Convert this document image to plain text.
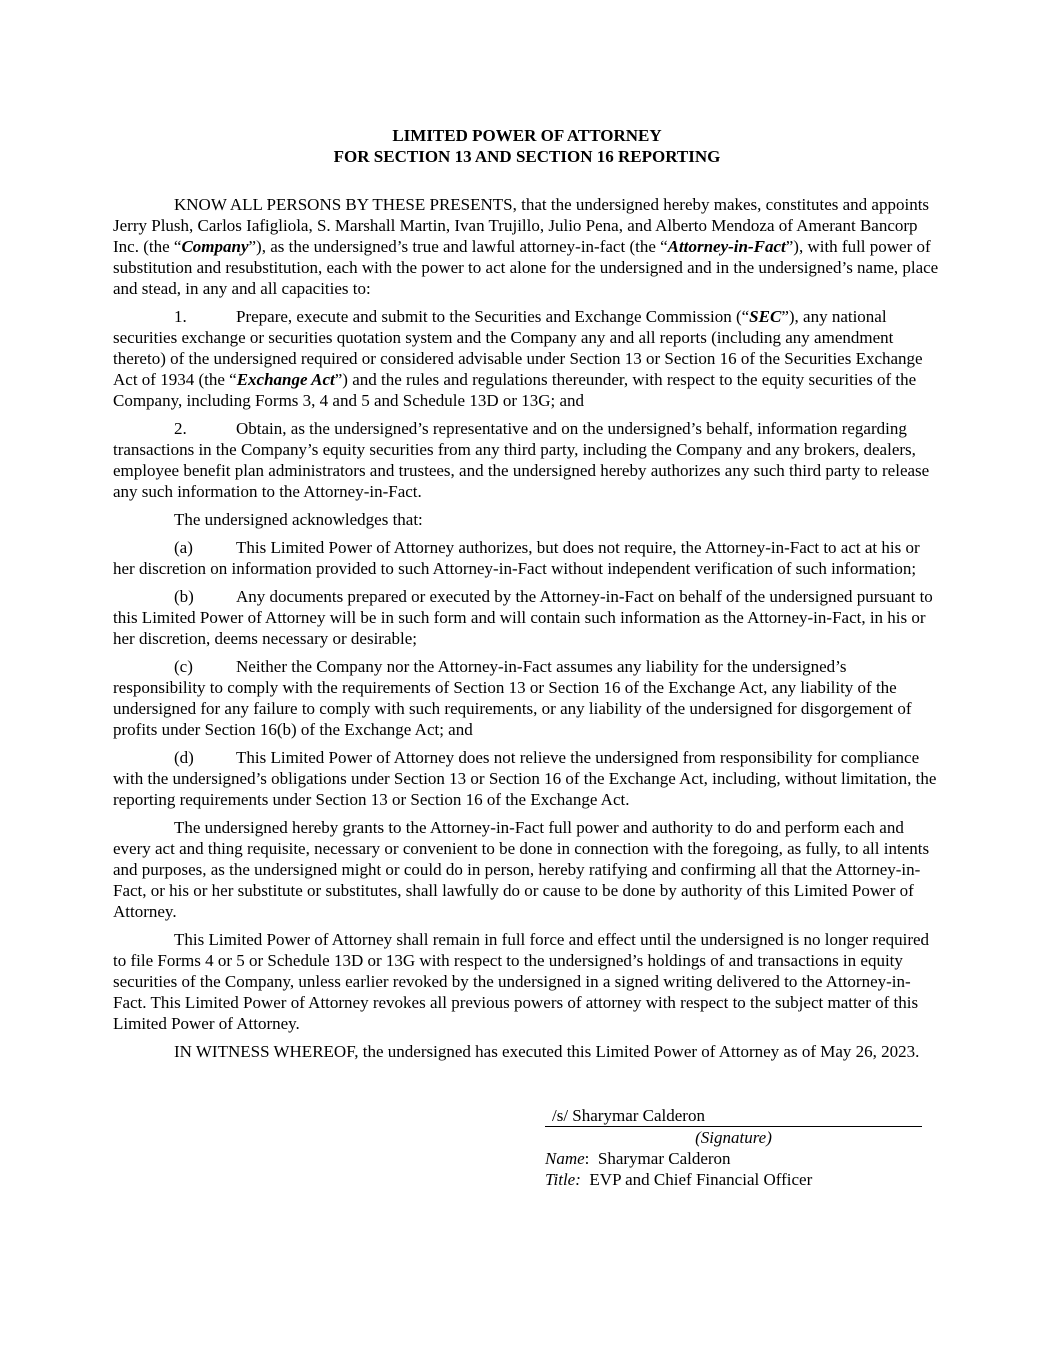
LIMITED POWER OF ATTORNEY
FOR SECTION 13 AND SECTION 16 REPORTING

KNOW ALL PERSONS BY THESE PRESENTS, that the undersigned hereby makes, constitutes and appoints Jerry Plush, Carlos Iafigliola, S. Marshall Martin, Ivan Trujillo, Julio Pena, and Alberto Mendoza of Amerant Bancorp Inc. (the “Company”), as the undersigned’s true and lawful attorney-in-fact (the “Attorney-in-Fact”), with full power of substitution and resubstitution, each with the power to act alone for the undersigned and in the undersigned’s name, place and stead, in any and all capacities to:

1.	Prepare, execute and submit to the Securities and Exchange Commission (“SEC”), any national securities exchange or securities quotation system and the Company any and all reports (including any amendment thereto) of the undersigned required or considered advisable under Section 13 or Section 16 of the Securities Exchange Act of 1934 (the “Exchange Act”) and the rules and regulations thereunder, with respect to the equity securities of the Company, including Forms 3, 4 and 5 and Schedule 13D or 13G; and

2.	Obtain, as the undersigned’s representative and on the undersigned’s behalf, information regarding transactions in the Company’s equity securities from any third party, including the Company and any brokers, dealers, employee benefit plan administrators and trustees, and the undersigned hereby authorizes any such third party to release any such information to the Attorney-in-Fact.

The undersigned acknowledges that:

(a)	This Limited Power of Attorney authorizes, but does not require, the Attorney-in-Fact to act at his or her discretion on information provided to such Attorney-in-Fact without independent verification of such information;

(b) Any documents prepared or executed by the Attorney-in-Fact on behalf of the undersigned pursuant to this Limited Power of Attorney will be in such form and will contain such information as the Attorney-in-Fact, in his or her discretion, deems necessary or desirable;

(c)	Neither the Company nor the Attorney-in-Fact assumes any liability for the undersigned’s responsibility to comply with the requirements of Section 13 or Section 16 of the Exchange Act, any liability of the undersigned for any failure to comply with such requirements, or any liability of the undersigned for disgorgement of profits under Section 16(b) of the Exchange Act; and

(d) This Limited Power of Attorney does not relieve the undersigned from responsibility for compliance with the undersigned’s obligations under Section 13 or Section 16 of the Exchange Act, including, without limitation, the reporting requirements under Section 13 or Section 16 of the Exchange Act.

The undersigned hereby grants to the Attorney-in-Fact full power and authority to do and perform each and every act and thing requisite, necessary or convenient to be done in connection with the foregoing, as fully, to all intents and purposes, as the undersigned might or could do in person, hereby ratifying and confirming all that the Attorney-in-Fact, or his or her substitute or substitutes, shall lawfully do or cause to be done by authority of this Limited Power of Attorney.

This Limited Power of Attorney shall remain in full force and effect until the undersigned is no longer required to file Forms 4 or 5 or Schedule 13D or 13G with respect to the undersigned’s holdings of and transactions in equity securities of the Company, unless earlier revoked by the undersigned in a signed writing delivered to the Attorney-in-Fact. This Limited Power of Attorney revokes all previous powers of attorney with respect to the subject matter of this Limited Power of Attorney.

IN WITNESS WHEREOF, the undersigned has executed this Limited Power of Attorney as of May 26, 2023.

/s/ Sharymar Calderon
(Signature)
Name:  Sharymar Calderon
Title:  EVP and Chief Financial Officer
